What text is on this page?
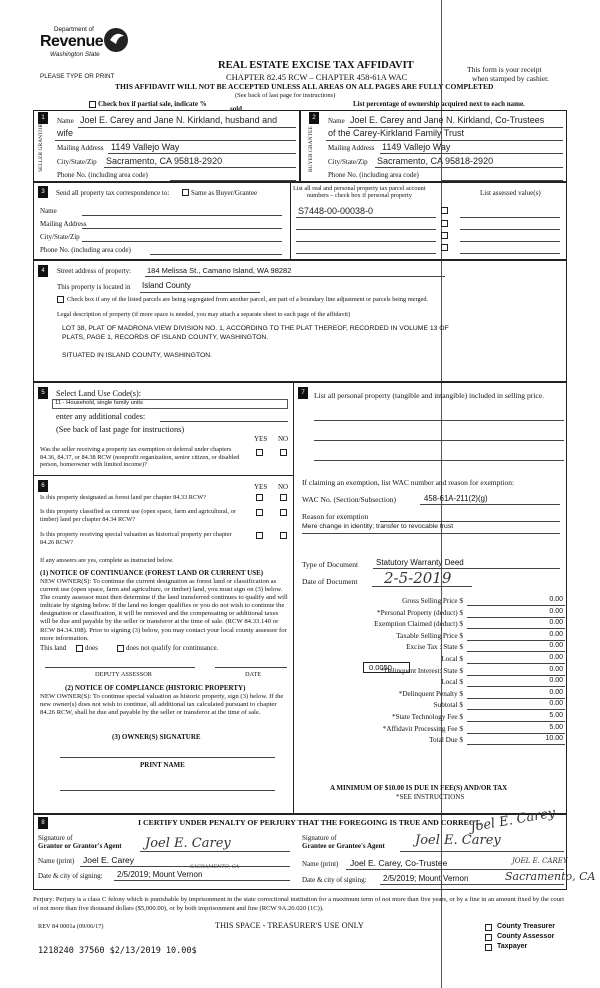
Department of
Revenue
Washington State
PLEASE TYPE OR PRINT
REAL ESTATE EXCISE TAX AFFIDAVIT
CHAPTER 82.45 RCW – CHAPTER 458-61A WAC
THIS AFFIDAVIT WILL NOT BE ACCEPTED UNLESS ALL AREAS ON ALL PAGES ARE FULLY COMPLETED
(See back of last page for instructions)
This form is your receipt
when stamped by cashier.
Check box if partial sale, indicate %
sold.
List percentage of ownership acquired next to each name.
1	2
SELLER GRANTOR	BUYER GRANTEE
Name Joel E. Carey and Jane N. Kirkland, husband and
wife
Mailing Address 1149 Vallejo Way
City/State/Zip Sacramento, CA 95818-2920
Phone No. (including area code)
Name Joel E. Carey and Jane N. Kirkland, Co-Trustees
of the Carey-Kirkland Family Trust
Mailing Address 1149 Vallejo Way
City/State/Zip Sacramento, CA 95818-2920
Phone No. (including area code)
3	Send all property tax correspondence to:	Same as Buyer/Grantee
Name
Mailing Address
City/State/Zip
Phone No. (including area code)
List all real and personal property tax parcel account
numbers – check box if personal property	List assessed value(s)
S7448-00-00038-0
4	Street address of property: 184 Melissa St., Camano Island, WA 98282
This property is located in Island County
Check box if any of the listed parcels are being segregated from another parcel, are part of a boundary line adjustment or parcels being merged.
Legal description of property (if more space is needed, you may attach a separate sheet to each page of the affidavit)
LOT 38, PLAT OF MADRONA VIEW DIVISION NO. 1, ACCORDING TO THE PLAT THEREOF, RECORDED IN VOLUME 13 OF
PLATS, PAGE 1, RECORDS OF ISLAND COUNTY, WASHINGTON.
SITUATED IN ISLAND COUNTY, WASHINGTON.
5	Select Land Use Code(s):
11 - Household, single family units
enter any additional codes:
(See back of last page for instructions)
YES NO
Was the seller receiving a property tax exemption or deferral under chapters 84.36, 84.37, or 84.38 RCW (nonprofit organization, senior citizen, or disabled person, homeowner with limited income)?
6	YES NO
Is this property designated as forest land per chapter 84.33 RCW?
Is this property classified as current use (open space, farm and agricultural, or timber) land per chapter 84.34 RCW?
Is this property receiving special valuation as historical property per chapter 84.26 RCW?
If any answers are yes, complete as instructed below.
(1) NOTICE OF CONTINUANCE (FOREST LAND OR CURRENT USE)
NEW OWNER(S): To continue the current designation as forest land or classification as current use (open space, farm and agriculture, or timber) land, you must sign on (3) below. The county assessor must then determine if the land transferred continues to qualify and will indicate by signing below. If the land no longer qualifies or you do not wish to continue the designation or classification, it will be removed and the compensating or additional taxes will be due and payable by the seller or transferor at the time of sale. (RCW 84.33.140 or RCW 84.34.108). Prior to signing (3) below, you may contact your local county assessor for more information.
This land	does	does not qualify for continuance.
DEPUTY ASSESSOR	DATE
(2) NOTICE OF COMPLIANCE (HISTORIC PROPERTY)
NEW OWNER(S): To continue special valuation as historic property, sign (3) below. If the new owner(s) does not wish to continue, all additional tax calculated pursuant to chapter 84.26 RCW, shall be due and payable by the seller or transferor at the time of sale.
(3) OWNER(S) SIGNATURE
PRINT NAME
7	List all personal property (tangible and intangible) included in selling price.
If claiming an exemption, list WAC number and reason for exemption:
WAC No. (Section/Subsection)	458-61A-211(2)(g)
Reason for exemption
Mere change in identity; transfer to revocable trust
Type of Document Statutory Warranty Deed
Date of Document 2-5-2019
Gross Selling Price $	0.00
*Personal Property (deduct) $	0.00
Exemption Claimed (deduct) $	0.00
Taxable Selling Price $	0.00
Excise Tax : State $	0.00
Local $	0.00
*Delinquent Interest: State $	0.00
Local $	0.00
*Delinquent Penalty $	0.00
Subtotal $	0.00
*State Technology Fee $	5.00
*Affidavit Processing Fee $	5.00
Total Due $	10.00
0.0050
A MINIMUM OF $10.00 IS DUE IN FEE(S) AND/OR TAX
*SEE INSTRUCTIONS
8	I CERTIFY UNDER PENALTY OF PERJURY THAT THE FOREGOING IS TRUE AND CORRECT.
Joel E. Carey
Signature of
Grantor or Grantor's Agent Joel E. Carey
Name (print) Joel E. Carey
SACRAMENTO, CA
Date & city of signing: 2/5/2019; Mount Vernon
Signature of
Grantee or Grantee's Agent Joel E. Carey
Name (print) Joel E. Carey, Co-Trustee	JOEL E. CAREY
Date & city of signing: 2/5/2019; Mount Vernon	Sacramento, CA
Perjury: Perjury is a class C felony which is punishable by imprisonment in the state correctional institution for a maximum term of not more than five years, or by a fine in an amount fixed by the court of not more than five thousand dollars ($5,000.00), or by both imprisonment and fine (RCW 9A.20.020 (1C)).
REV 84 0001a (09/06/17)	THIS SPACE - TREASURER'S USE ONLY	County Treasurer
County Assessor
Taxpayer
1218240 37560 $2/13/2019 10.00$
